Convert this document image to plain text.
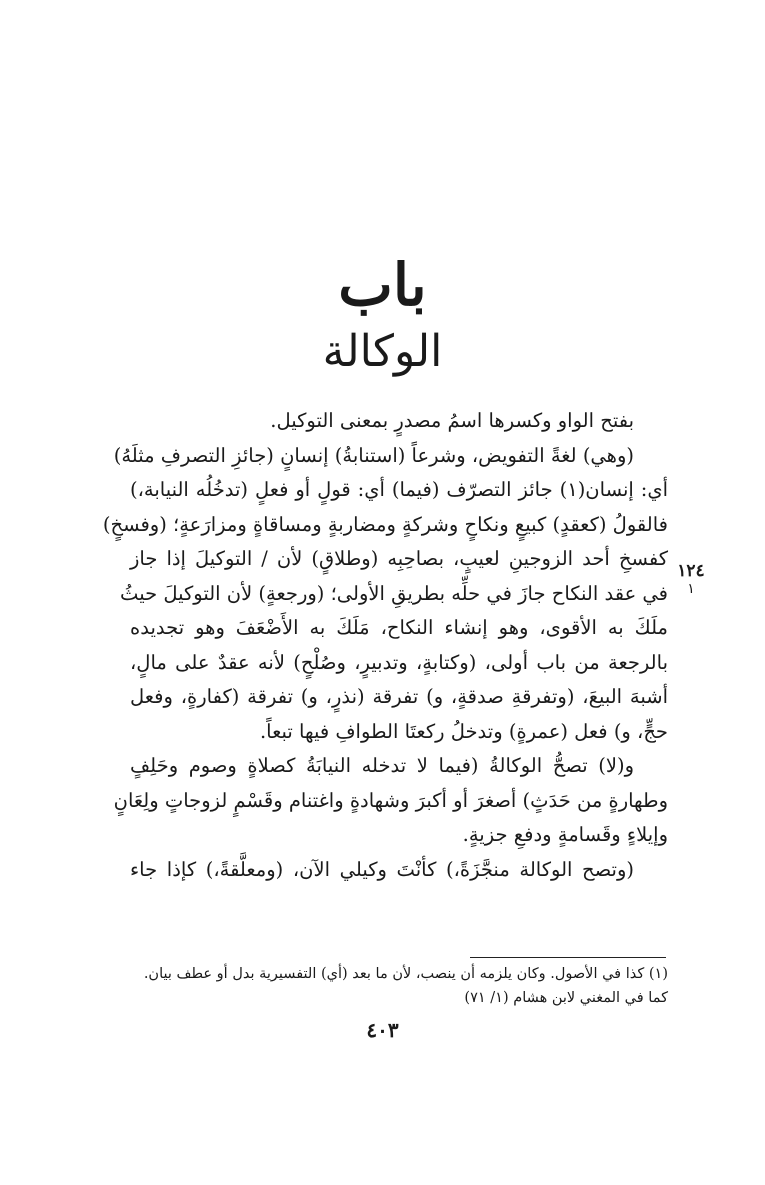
باب
الوكالة
١٢٤
١
بفتح الواو وكسرها اسمُ مصدرٍ بمعنى التوكيل.
(وهي) لغةً التفويض، وشرعاً (استنابةُ) إنسانٍ (جائزِ التصرفِ مثلَهُ)
أي: إنسان(١) جائز التصرّف (فيما) أي: قولٍ أو فعلٍ (تدخُلُه النيابة،)
فالقولُ (كعقدٍ) كبيعٍ ونكاحٍ وشركةٍ ومضاربةٍ ومساقاةٍ ومزارَعةٍ؛ (وفسخٍ)
كفسخِ أحد الزوجينِ لعيبٍ، بصاحِبِه (وطلاقٍ) لأن / التوكيلَ إذا جاز
في عقد النكاح جازَ في حلِّه بطريقِ الأولى؛ (ورجعةٍ) لأن التوكيلَ حيثُ
ملَكَ به الأقوى، وهو إنشاء النكاح، مَلَكَ به الأَضْعَفَ وهو تجديده
بالرجعة من باب أولى، (وكتابةٍ، وتدبيرٍ، وصُلْحٍ) لأنه عقدٌ على مالٍ،
أشبهَ البيعَ، (وتفرقةِ صدقةٍ، و) تفرقة (نذرٍ، و) تفرقة (كفارةٍ، وفعل
حجٍّ، و) فعل (عمرةٍ) وتدخلُ ركعتَا الطوافِ فيها تبعاً.
و(لا) تصحُّ الوكالةُ (فيما لا تدخله النيابَةُ كصلاةٍ وصوم وحَلِفٍ
وطهارةٍ من حَدَثٍ) أصغرَ أو أكبرَ وشهادةٍ واغتنام وقَسْمٍ لزوجاتٍ ولِعَانٍ
وإيلاءٍ وقَسامةٍ ودفعِ جزيةٍ.
(وتصح الوكالة منجَّزَةً،) كأنْتَ وكيلي الآن، (ومعلَّقةً،) كإذا جاء
(١) كذا في الأصول. وكان يلزمه أن ينصب، لأن ما بعد (أي) التفسيرية بدل أو عطف بيان.
كما في المغني لابن هشام (١/ ٧١)
٤٠٣
